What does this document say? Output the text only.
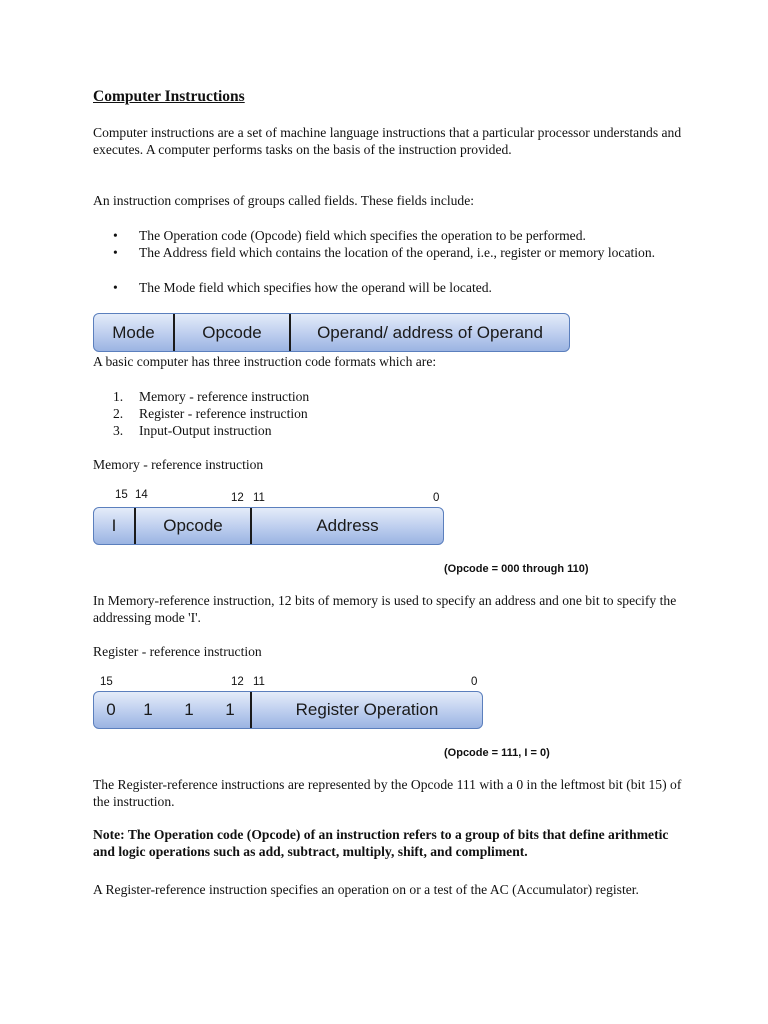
Computer Instructions

Computer instructions are a set of machine language instructions that a particular processor understands and executes. A computer performs tasks on the basis of the instruction provided.

An instruction comprises of groups called fields. These fields include:

• The Operation code (Opcode) field which specifies the operation to be performed.
• The Address field which contains the location of the operand, i.e., register or memory location.
• The Mode field which specifies how the operand will be located.
Mode	Opcode	Operand/ address of Operand

A basic computer has three instruction code formats which are:

1. Memory - reference instruction
2. Register - reference instruction
3. Input-Output instruction

Memory - reference instruction

15 14	12 11	0
I	Opcode	Address
(Opcode = 000 through 110)

In Memory-reference instruction, 12 bits of memory is used to specify an address and one bit to specify the addressing mode 'I'.

Register - reference instruction

15	12 11	0
0	1	1	1	Register Operation
(Opcode = 111, I = 0)

The Register-reference instructions are represented by the Opcode 111 with a 0 in the leftmost bit (bit 15) of the instruction.

Note: The Operation code (Opcode) of an instruction refers to a group of bits that define arithmetic and logic operations such as add, subtract, multiply, shift, and compliment.

A Register-reference instruction specifies an operation on or a test of the AC (Accumulator) register.
